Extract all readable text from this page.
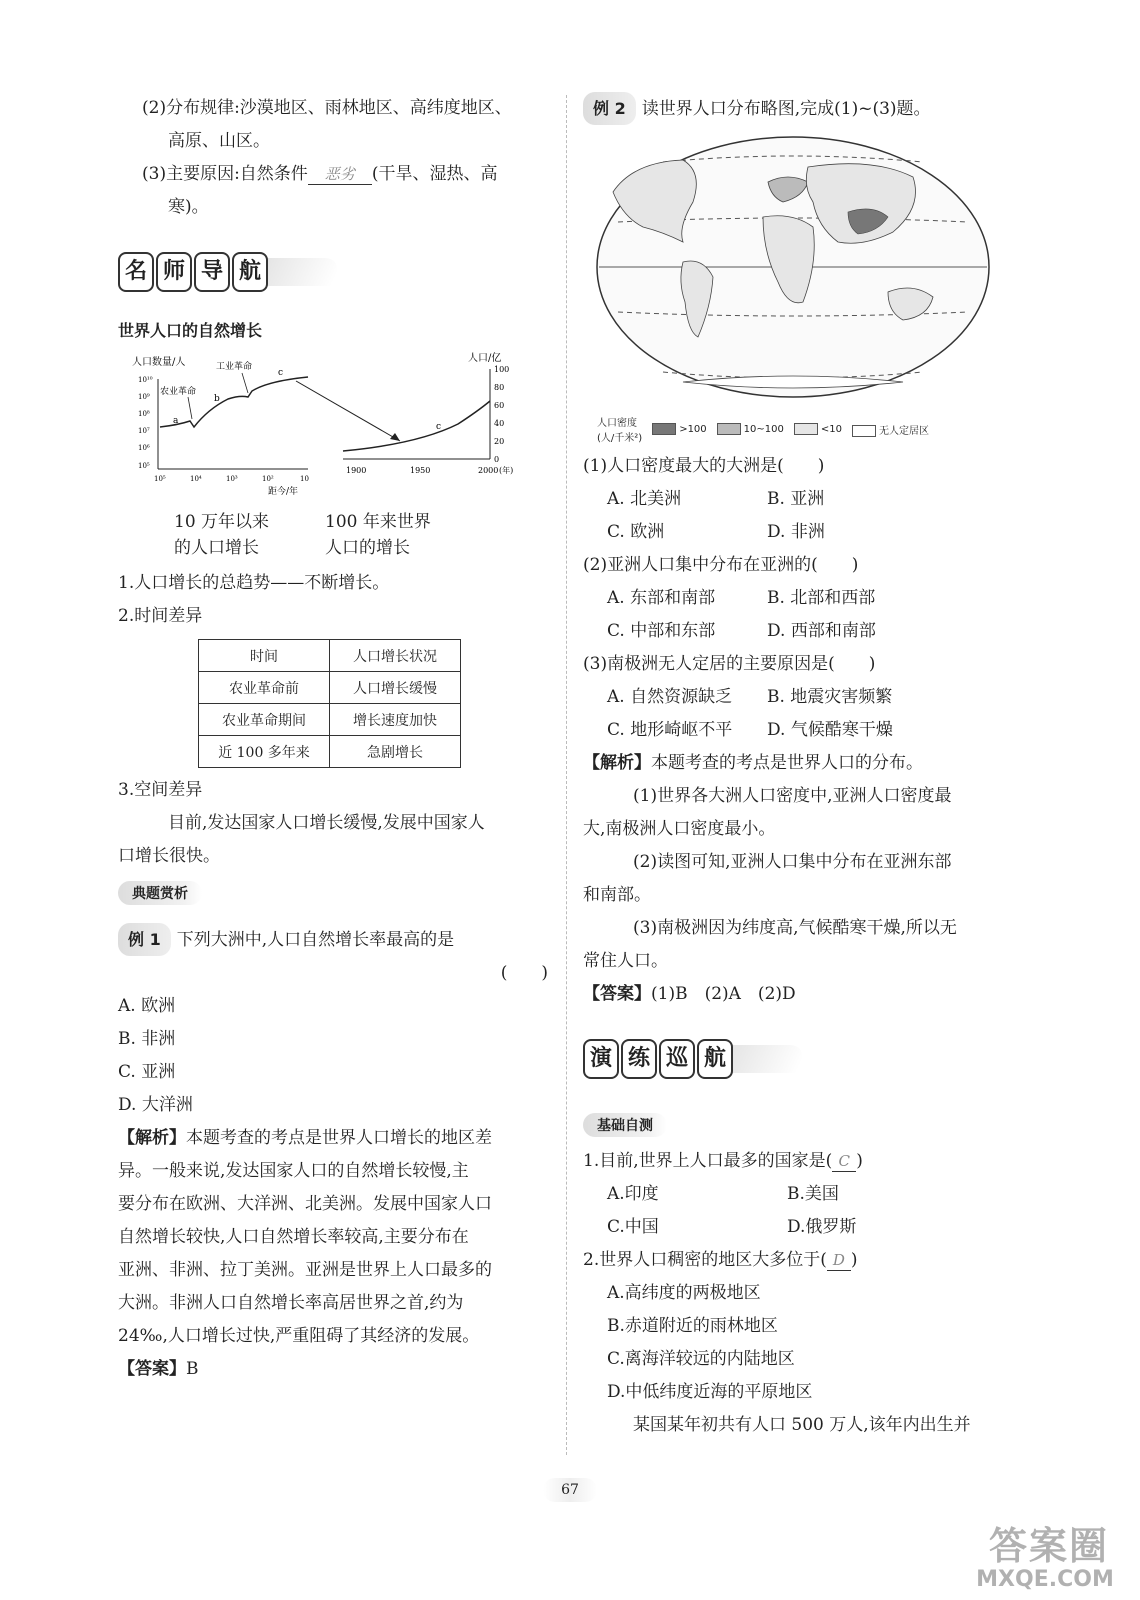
(2)分布规律:沙漠地区、雨林地区、高纬度地区、

高原、山区。

(3)主要原因:自然条件 恶劣 (干旱、湿热、高

寒)。

名 师 导 航
世界人口的自然增长
人口数量/人
10¹⁰
10⁹
10⁸
10⁷
10⁶
10⁵
10⁵	10⁴	10³	10²	10
距今/年
a
b
c
农业革命
工业革命
人口/亿
100
80
60
40
20
0
1900	1950	2000 (年)
c
10 万年以来
的人口增长
100 年来世界
人口的增长

1.人口增长的总趋势——不断增长。

2.时间差异

时间	人口增长状况
农业革命前	人口增长缓慢
农业革命期间	增长速度加快
近 100 多年来	急剧增长

3.空间差异

目前,发达国家人口增长缓慢,发展中国家人

口增长很快。

典题赏析

例 1 下列大洲中,人口自然增长率最高的是

(　　)

A. 欧洲

B. 非洲

C. 亚洲

D. 大洋洲

【解析】本题考查的考点是世界人口增长的地区差

异。一般来说,发达国家人口的自然增长较慢,主

要分布在欧洲、大洋洲、北美洲。发展中国家人口

自然增长较快,人口自然增长率较高,主要分布在

亚洲、非洲、拉丁美洲。亚洲是世界上人口最多的

大洲。非洲人口自然增长率高居世界之首,约为

24‰,人口增长过快,严重阻碍了其经济的发展。

【答案】B

例 2 读世界人口分布略图,完成(1)~(3)题。

人口密度
(人/千米²)
>100	10~100	<10	无人定居区

(1)人口密度最大的大洲是(　　)

A. 北美洲	B. 亚洲

C. 欧洲	D. 非洲

(2)亚洲人口集中分布在亚洲的(　　)

A. 东部和南部	B. 北部和西部

C. 中部和东部	D. 西部和南部

(3)南极洲无人定居的主要原因是(　　)

A. 自然资源缺乏 B. 地震灾害频繁

C. 地形崎岖不平 D. 气候酷寒干燥

【解析】本题考查的考点是世界人口的分布。

(1)世界各大洲人口密度中,亚洲人口密度最

大,南极洲人口密度最小。

(2)读图可知,亚洲人口集中分布在亚洲东部

和南部。

(3)南极洲因为纬度高,气候酷寒干燥,所以无

常住人口。

【答案】(1)B　(2)A　(2)D

演 练 巡 航
基础自测

1.目前,世界上人口最多的国家是( C )

A.印度	B.美国

C.中国	D.俄罗斯

2.世界人口稠密的地区大多位于( D )

A.高纬度的两极地区

B.赤道附近的雨林地区

C.离海洋较远的内陆地区

D.中低纬度近海的平原地区

某国某年初共有人口 500 万人,该年内出生并

67
答案圈
MXQE.COM
